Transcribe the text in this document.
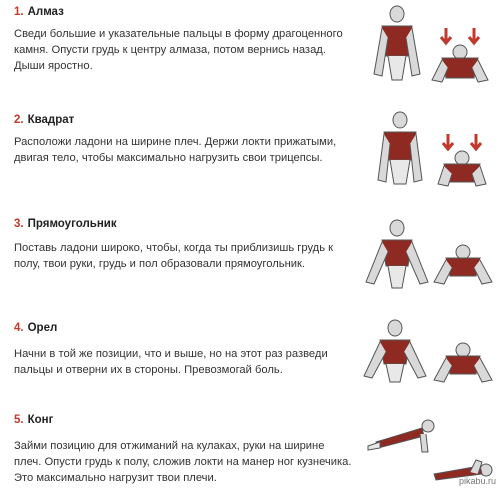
1. Алмаз
Сведи большие и указательные пальцы в форму драгоценного камня. Опусти грудь к центру алмаза, потом вернись назад. Дыши яростно.
2. Квадрат
Расположи ладони на ширине плеч. Держи локти прижатыми, двигая тело, чтобы максимально нагрузить свои трицепсы.
3. Прямоугольник
Поставь ладони широко, чтобы, когда ты приблизишь грудь к полу, твои руки, грудь и пол образовали прямоугольник.
4. Орел
Начни в той же позиции, что и выше, но на этот раз разведи пальцы и отверни их в стороны. Превозмогай боль.
5. Конг
Займи позицию для отжиманий на кулаках, руки на ширине плеч. Опусти грудь к полу, сложив локти на манер ног кузнечика. Это максимально нагрузит твои плечи.	pikabu.ru
